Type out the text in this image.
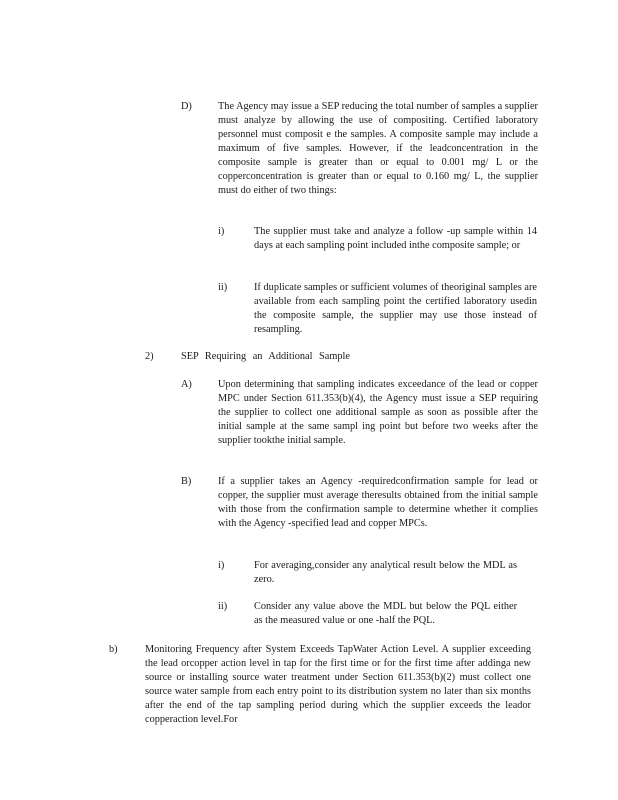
D)	The Agency may issue a SEP reducing the total number of samples a supplier must analyze by allowing the use of compositing. Certified laboratory personnel must composit e the samples. A composite sample may include a maximum of five samples. However, if the leadconcentration in the composite sample is greater than or equal to 0.001 mg/ L or the copperconcentration is greater than or equal to 0.160 mg/ L, the supplier must do either of two things:

i)	The supplier must take and analyze a follow -up sample within 14 days at each sampling point included inthe composite sample; or

ii)	If duplicate samples or sufficient volumes of theoriginal samples are available from each sampling point the certified laboratory usedin the composite sample, the supplier may use those instead of resampling.

2)	SEP Requiring an Additional Sample
A)	Upon determining that sampling indicates exceedance of the lead or copper MPC under Section 611.353(b)(4), the Agency must issue a SEP requiring the supplier to collect one additional sample as soon as possible after the initial sample at the same sampl ing point but before two weeks after the supplier tookthe initial sample.

B)	If a supplier takes an Agency -requiredconfirmation sample for lead or copper, the supplier must average theresults obtained from the initial sample with those from the confirmation sample to determine whether it complies with the Agency -specified lead and copper MPCs.

i)	For averaging,consider any analytical result below the MDL as zero.

ii)	Consider any value above the MDL but below the PQL either as the measured value or one -half the PQL.

b)	Monitoring Frequency after System Exceeds TapWater Action Level. A supplier exceeding the lead orcopper action level in tap for the first time or for the first time after addinga new source or installing source water treatment under Section 611.353(b)(2) must collect one source water sample from each entry point to its distribution system no later than six months after the end of the tap sampling period during which the supplier exceeds the leador copperaction level.For
